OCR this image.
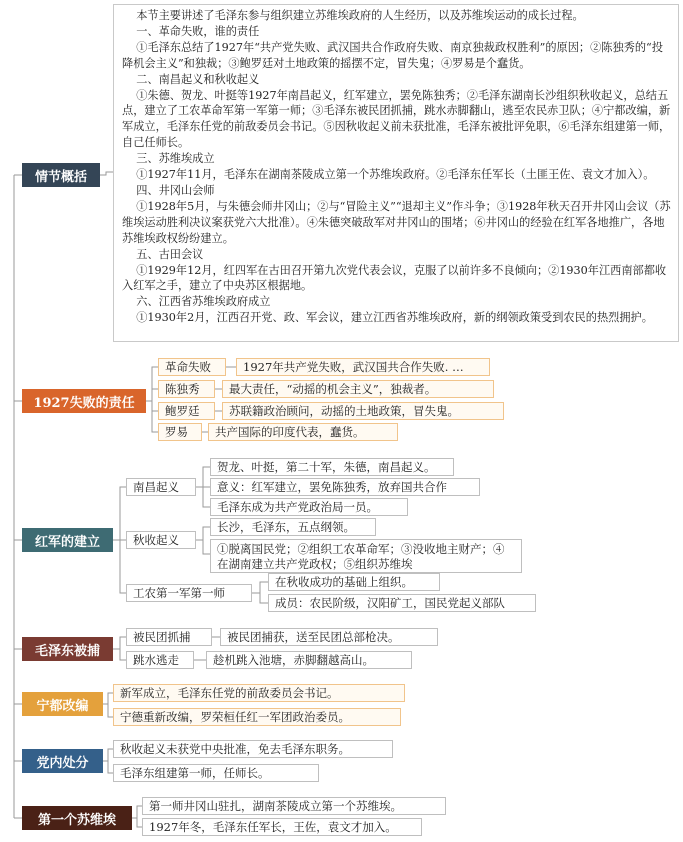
本节主要讲述了毛泽东参与组织建立苏维埃政府的人生经历，以及苏维埃运动的成长过程。
一、革命失败，谁的责任
①毛泽东总结了1927年“共产党失败、武汉国共合作政府失败、南京独裁政权胜利”的原因；②陈独秀的“投降机会主义”和独裁；③鲍罗廷对土地政策的摇摆不定，冒失鬼；④罗易是个蠢货。
二、南昌起义和秋收起义
①朱德、贺龙、叶挺等1927年南昌起义，红军建立，罢免陈独秀；②毛泽东湖南长沙组织秋收起义，总结五点，建立了工农革命军第一军第一师；③毛泽东被民团抓捕，跳水赤脚翻山，逃至农民赤卫队；④宁都改编，新军成立，毛泽东任党的前敌委员会书记。⑤因秋收起义前未获批准，毛泽东被批评免职，⑥毛泽东组建第一师，自己任师长。
三、苏维埃成立
①1927年11月，毛泽东在湖南茶陵成立第一个苏维埃政府。②毛泽东任军长（土匪王佐、袁文才加入）。
四、井冈山会师
①1928年5月，与朱德会师井冈山；②与“冒险主义”“退却主义”作斗争；③1928年秋天召开井冈山会议（苏维埃运动胜利决议案获党六大批准）。④朱德突破敌军对井冈山的围堵；⑥井冈山的经验在红军各地推广，各地苏维埃政权纷纷建立。
五、古田会议
①1929年12月，红四军在古田召开第九次党代表会议，克服了以前许多不良倾向；②1930年江西南部都收入红军之手，建立了中央苏区根据地。
六、江西省苏维埃政府成立
①1930年2月，江西召开党、政、军会议，建立江西省苏维埃政府，新的纲领政策受到农民的热烈拥护。
情节概括
1927失败的责任
红军的建立
毛泽东被捕
宁都改编
党内处分
第一个苏维埃
革命失败	1927年共产党失败，武汉国共合作失败. …
陈独秀	最大责任，“动摇的机会主义”，独裁者。
鲍罗廷	苏联籍政治顾问，动摇的土地政策，冒失鬼。
罗易	共产国际的印度代表，蠢货。
南昌起义
贺龙、叶挺，第二十军，朱德，南昌起义。
意义：红军建立，罢免陈独秀，放弃国共合作
毛泽东成为共产党政治局一员。
秋收起义
长沙，毛泽东，五点纲领。
①脱离国民党；②组织工农革命军；③没收地主财产；④在湖南建立共产党政权；⑤组织苏维埃
工农第一军第一师
在秋收成功的基础上组织。
成员：农民阶级，汉阳矿工，国民党起义部队
被民团抓捕	被民团捕获，送至民团总部枪决。
跳水逃走	趁机跳入池塘，赤脚翻越高山。
新军成立，毛泽东任党的前敌委员会书记。
宁德重新改编，罗荣桓任红一军团政治委员。
秋收起义未获党中央批准，免去毛泽东职务。
毛泽东组建第一师，任师长。
第一师井冈山驻扎，湖南茶陵成立第一个苏维埃。
1927年冬，毛泽东任军长，王佐，袁文才加入。
